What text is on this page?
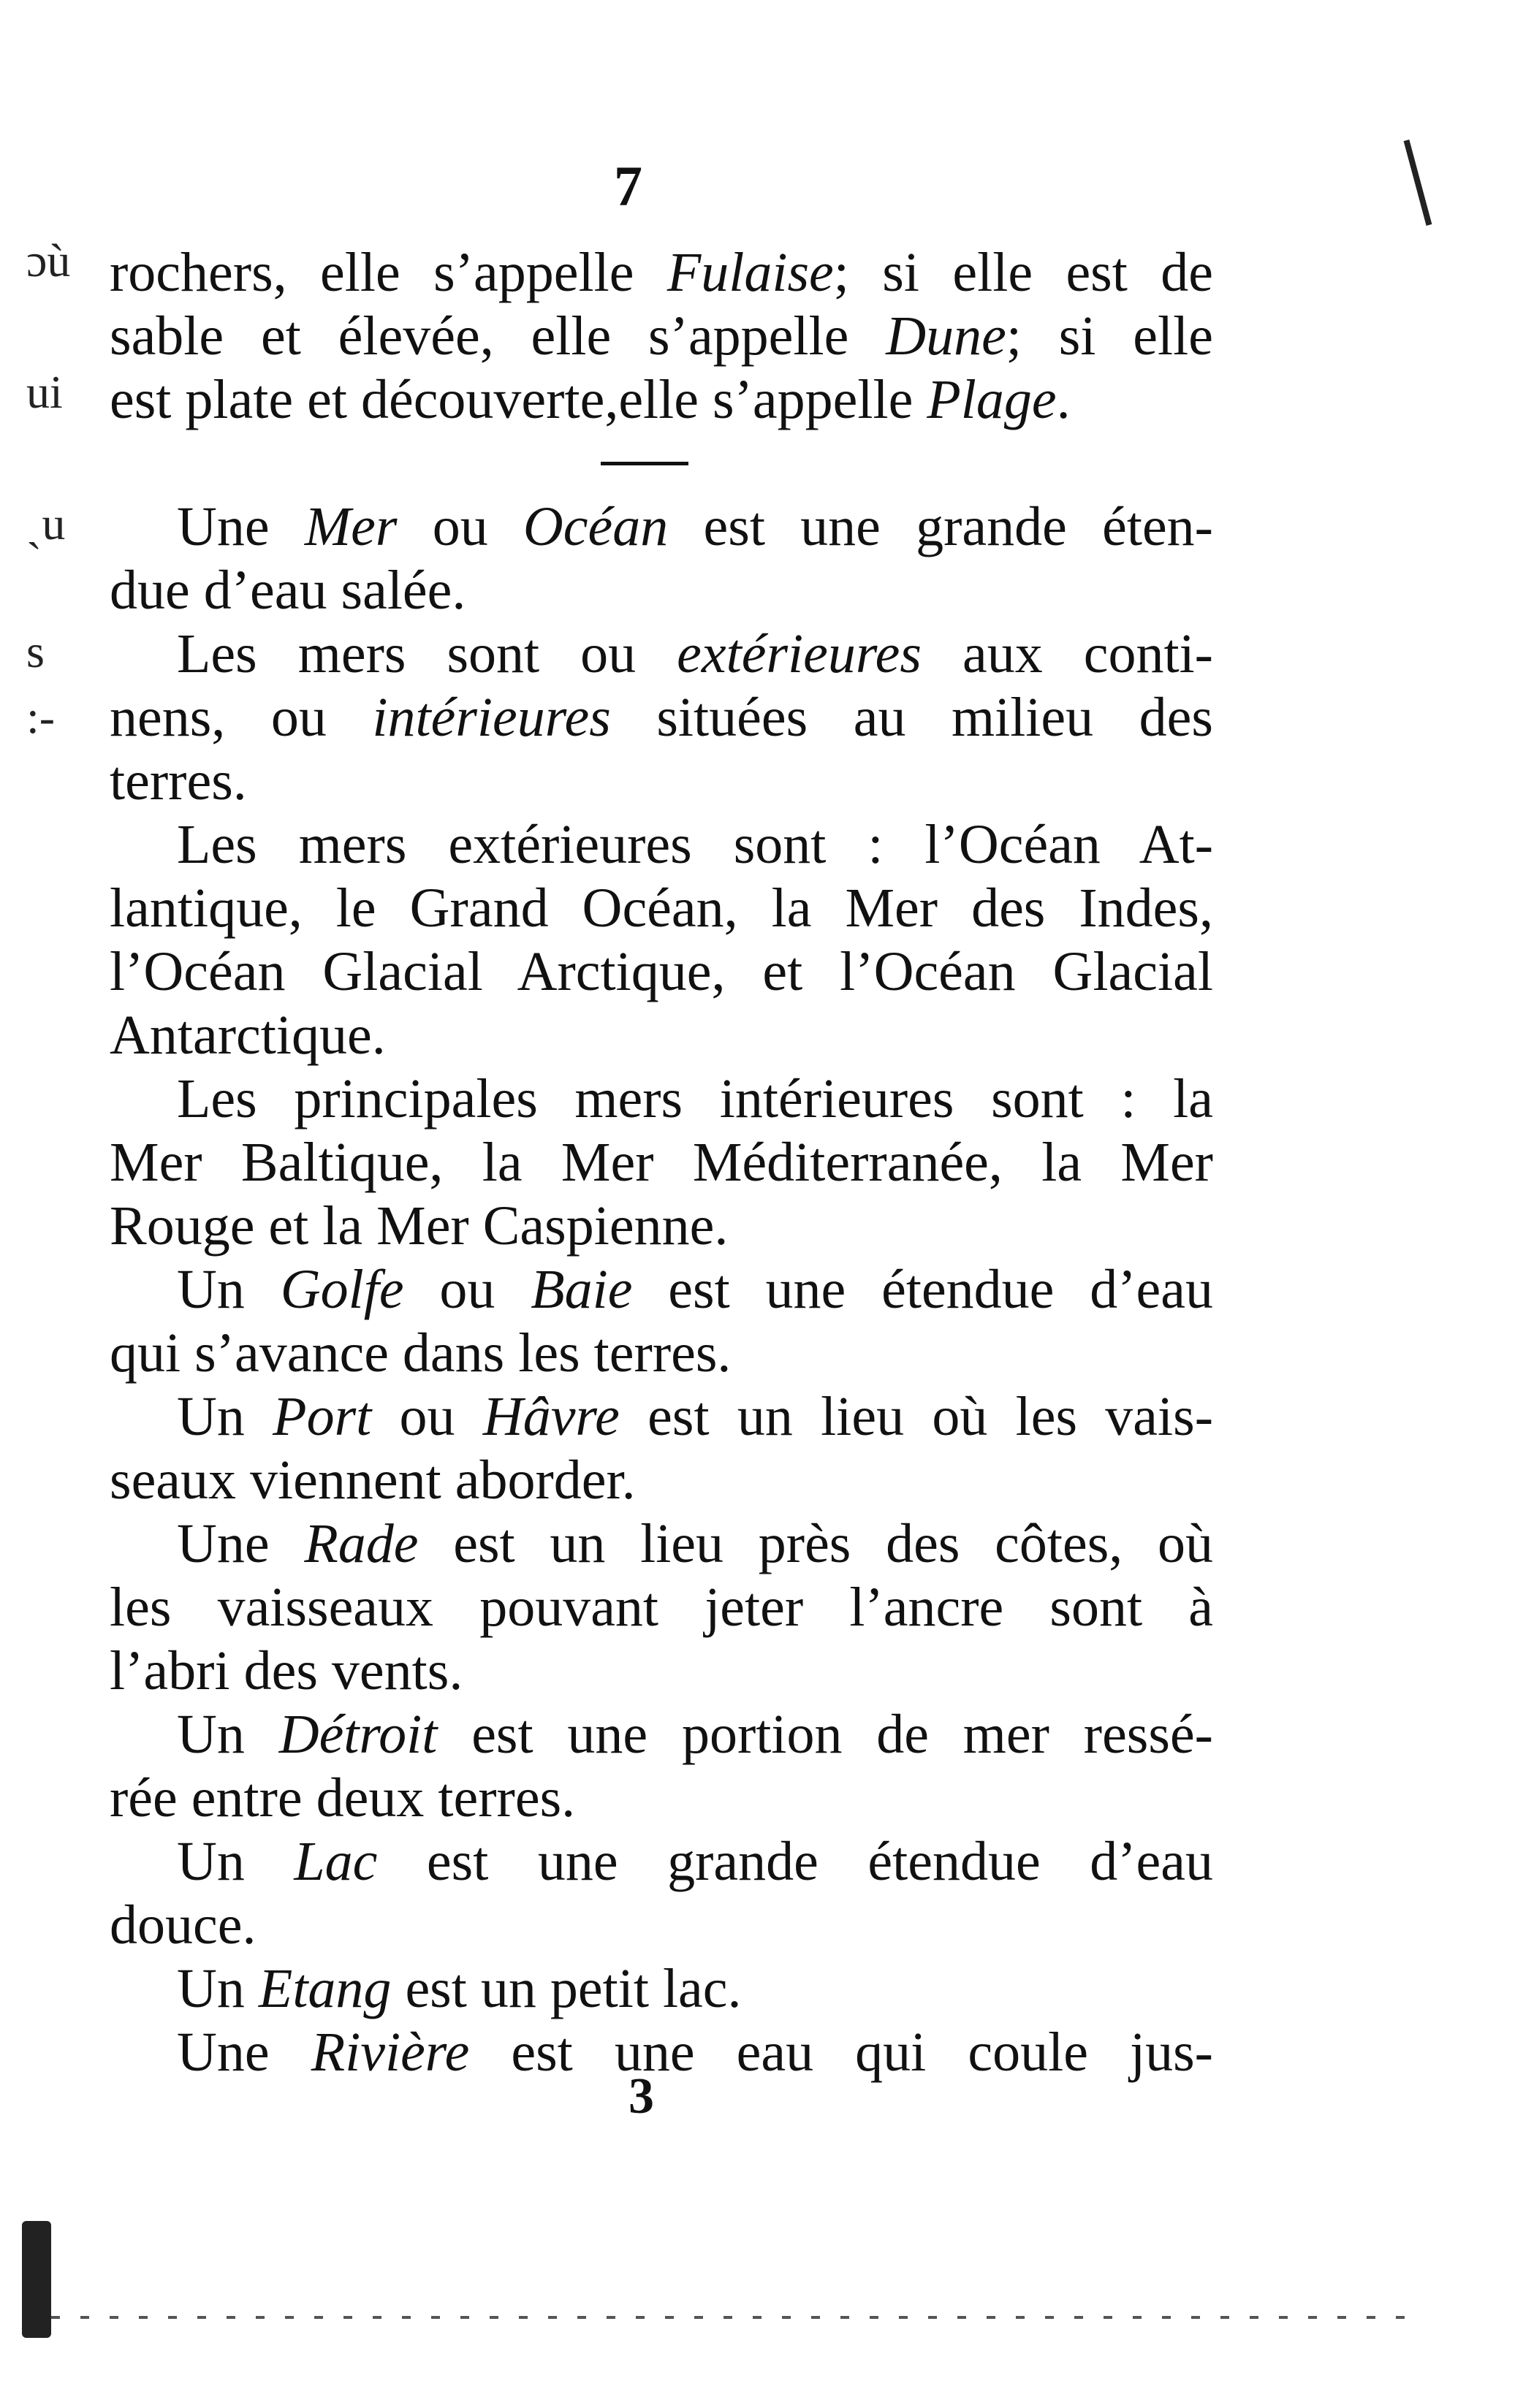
7
ɔù
ui
ˏu
s
:-
rochers, elle s’appelle Fulaise; si elle est de
sable et élevée, elle s’appelle Dune; si elle
est plate et découverte,elle s’appelle Plage.
Une Mer ou Océan est une grande éten-
due d’eau salée.
Les mers sont ou extérieures aux conti-
nens, ou intérieures situées au milieu des
terres.
Les mers extérieures sont : l’Océan At-
lantique, le Grand Océan, la Mer des Indes,
l’Océan Glacial Arctique, et l’Océan Glacial
Antarctique.
Les principales mers intérieures sont : la
Mer Baltique, la Mer Méditerranée, la Mer
Rouge et la Mer Caspienne.
Un Golfe ou Baie est une étendue d’eau
qui s’avance dans les terres.
Un Port ou Hâvre est un lieu où les vais-
seaux viennent aborder.
Une Rade est un lieu près des côtes, où
les vaisseaux pouvant jeter l’ancre sont à
l’abri des vents.
Un Détroit est une portion de mer ressé-
rée entre deux terres.
Un Lac est une grande étendue d’eau
douce.
Un Etang est un petit lac.
Une Rivière est une eau qui coule jus-
3
